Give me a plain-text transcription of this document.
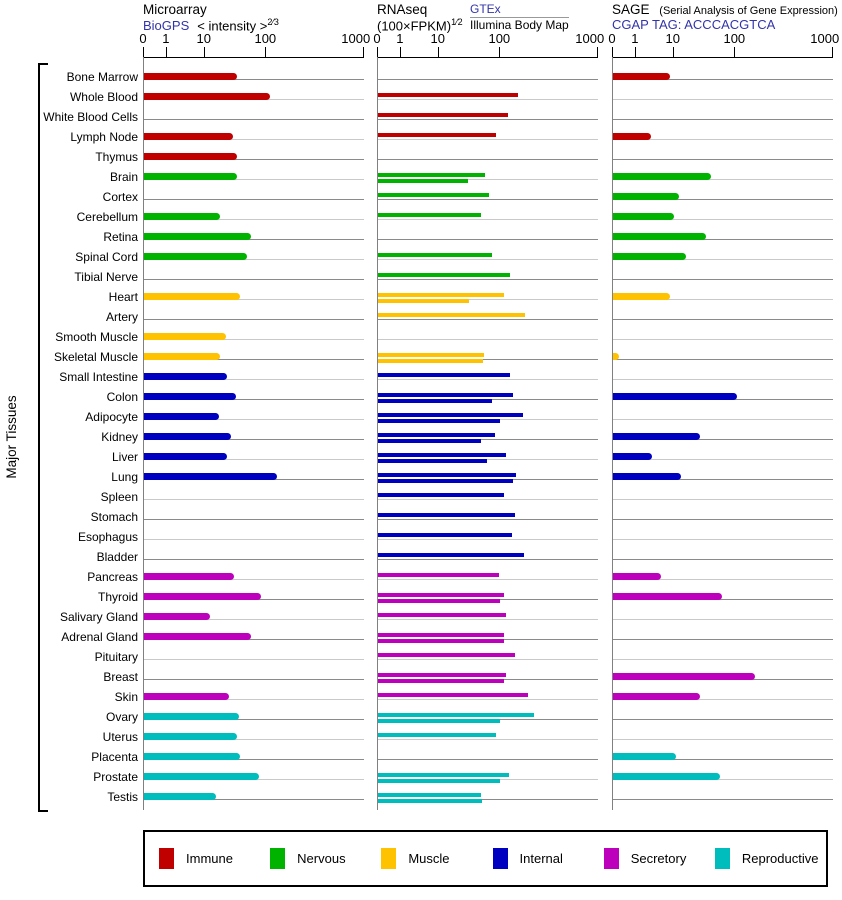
Major Tissues
Microarray
BioGPS < intensity >$^{2⁄3}$
RNAseq
(100×FPKM)$^{1⁄2}$
GTEx
Illumina Body Map
SAGE (Serial Analysis of Gene Expression)
CGAP TAG: ACCCACGTCA
Immune	Nervous	Muscle	Internal	Secretory	Reproductive
Bone Marrow
Whole Blood
White Blood Cells
Lymph Node
Thymus
Brain
Cortex
Cerebellum
Retina
Spinal Cord
Tibial Nerve
Heart
Artery
Smooth Muscle
Skeletal Muscle
Small Intestine
Colon
Adipocyte
Kidney
Liver
Lung
Spleen
Stomach
Esophagus
Bladder
Pancreas
Thyroid
Salivary Gland
Adrenal Gland
Pituitary
Breast
Skin
Ovary
Uterus
Placenta
Prostate
Testis
0 1 10	100	1000 0 1 10	100	1000 0 1 10	100	1000
